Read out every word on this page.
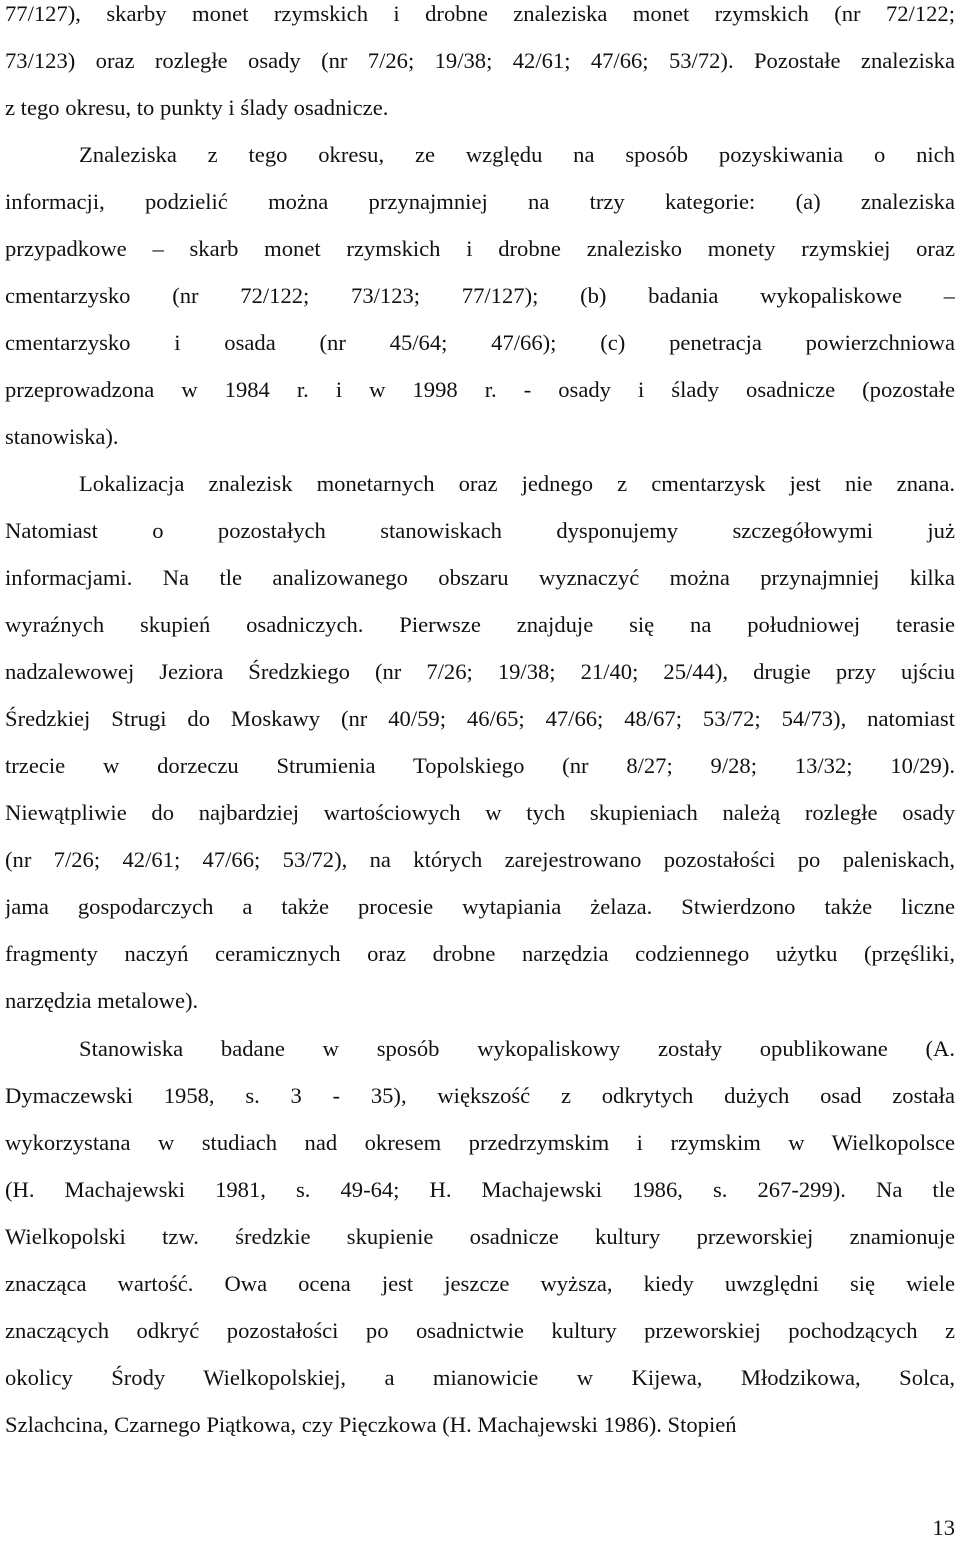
77/127), skarby monet rzymskich i drobne znaleziska monet rzymskich (nr 72/122;
73/123) oraz rozległe osady (nr 7/26; 19/38; 42/61; 47/66; 53/72). Pozostałe znaleziska
z tego okresu, to punkty i ślady osadnicze.
Znaleziska z tego okresu, ze względu na sposób pozyskiwania o nich
informacji, podzielić można przynajmniej na trzy kategorie: (a) znaleziska
przypadkowe – skarb monet rzymskich i drobne znalezisko monety rzymskiej oraz
cmentarzysko (nr 72/122; 73/123; 77/127); (b) badania wykopaliskowe –
cmentarzysko i osada (nr 45/64; 47/66); (c) penetracja powierzchniowa
przeprowadzona w 1984 r. i w 1998 r. - osady i ślady osadnicze (pozostałe
stanowiska).
Lokalizacja znalezisk monetarnych oraz jednego z cmentarzysk jest nie znana.
Natomiast o pozostałych stanowiskach dysponujemy szczegółowymi już
informacjami. Na tle analizowanego obszaru wyznaczyć można przynajmniej kilka
wyraźnych skupień osadniczych. Pierwsze znajduje się na południowej terasie
nadzalewowej Jeziora Średzkiego (nr 7/26; 19/38; 21/40; 25/44), drugie przy ujściu
Średzkiej Strugi do Moskawy (nr 40/59; 46/65; 47/66; 48/67; 53/72; 54/73), natomiast
trzecie w dorzeczu Strumienia Topolskiego (nr 8/27; 9/28; 13/32; 10/29).
Niewątpliwie do najbardziej wartościowych w tych skupieniach należą rozległe osady
(nr 7/26; 42/61; 47/66; 53/72), na których zarejestrowano pozostałości po paleniskach,
jama gospodarczych a także procesie wytapiania żelaza. Stwierdzono także liczne
fragmenty naczyń ceramicznych oraz drobne narzędzia codziennego użytku (przęśliki,
narzędzia metalowe).
Stanowiska badane w sposób wykopaliskowy zostały opublikowane (A.
Dymaczewski 1958, s. 3 - 35), większość z odkrytych dużych osad została
wykorzystana w studiach nad okresem przedrzymskim i rzymskim w Wielkopolsce
(H. Machajewski 1981, s. 49-64; H. Machajewski 1986, s. 267-299). Na tle
Wielkopolski tzw. średzkie skupienie osadnicze kultury przeworskiej znamionuje
znacząca wartość. Owa ocena jest jeszcze wyższa, kiedy uwzględni się wiele
znaczących odkryć pozostałości po osadnictwie kultury przeworskiej pochodzących z
okolicy Środy Wielkopolskiej, a mianowicie w Kijewa, Młodzikowa, Solca,
Szlachcina, Czarnego Piątkowa, czy Pięczkowa (H. Machajewski 1986). Stopień
13
